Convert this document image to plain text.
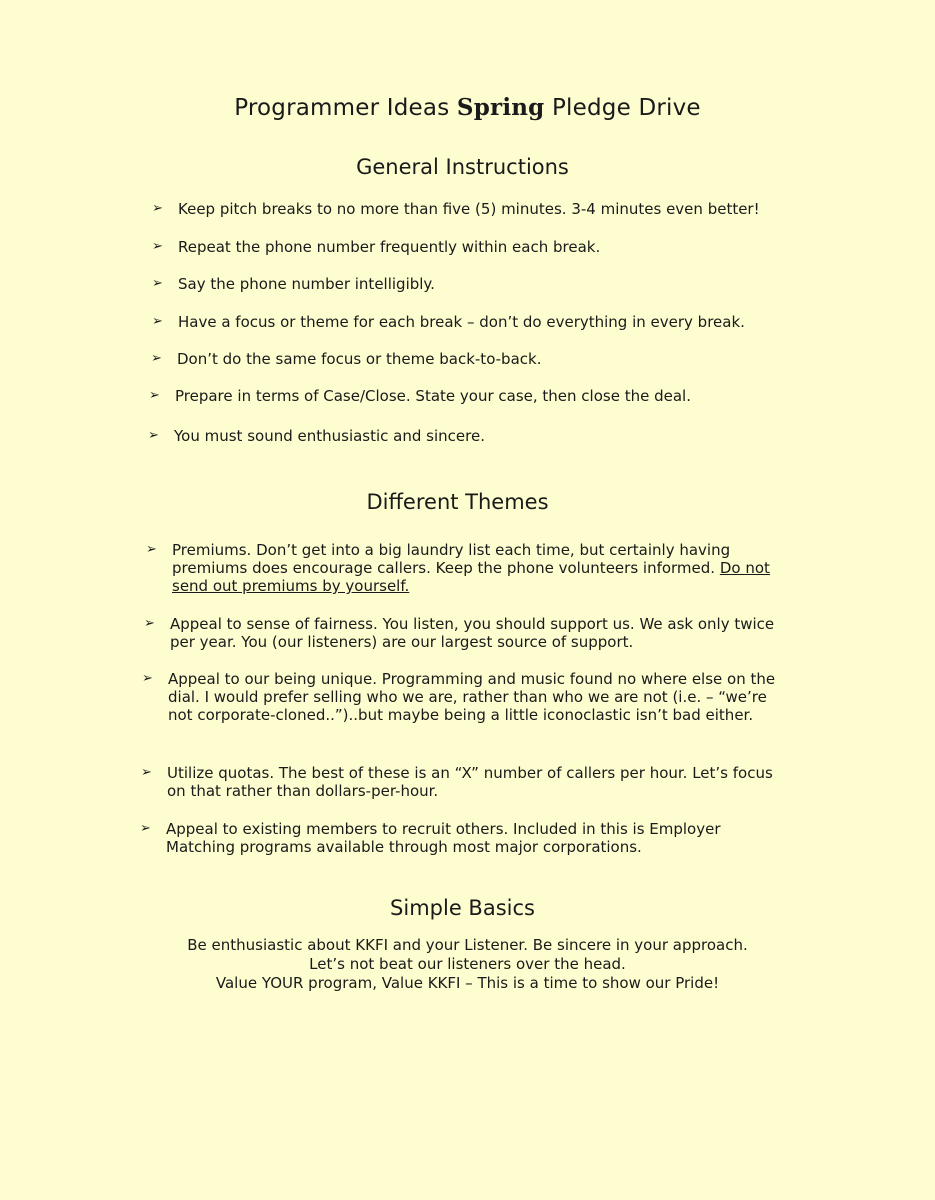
Programmer Ideas Spring Pledge Drive
General Instructions
➢	Keep pitch breaks to no more than five (5) minutes. 3-4 minutes even better!
➢	Repeat the phone number frequently within each break.
➢	Say the phone number intelligibly.
➢	Have a focus or theme for each break – don’t do everything in every break.
➢	Don’t do the same focus or theme back-to-back.
➢	Prepare in terms of Case/Close. State your case, then close the deal.
➢	You must sound enthusiastic and sincere.
Different Themes
➢	Premiums. Don’t get into a big laundry list each time, but certainly having premiums does encourage callers. Keep the phone volunteers informed. Do not send out premiums by yourself.
➢	Appeal to sense of fairness. You listen, you should support us. We ask only twice per year. You (our listeners) are our largest source of support.
➢	Appeal to our being unique. Programming and music found no where else on the dial. I would prefer selling who we are, rather than who we are not (i.e. – “we’re not corporate-cloned..”)..but maybe being a little iconoclastic isn’t bad either.
➢	Utilize quotas. The best of these is an “X” number of callers per hour. Let’s focus on that rather than dollars-per-hour.
➢	Appeal to existing members to recruit others. Included in this is Employer Matching programs available through most major corporations.
Simple Basics
Be enthusiastic about KKFI and your Listener. Be sincere in your approach.
Let’s not beat our listeners over the head.
Value YOUR program, Value KKFI – This is a time to show our Pride!
